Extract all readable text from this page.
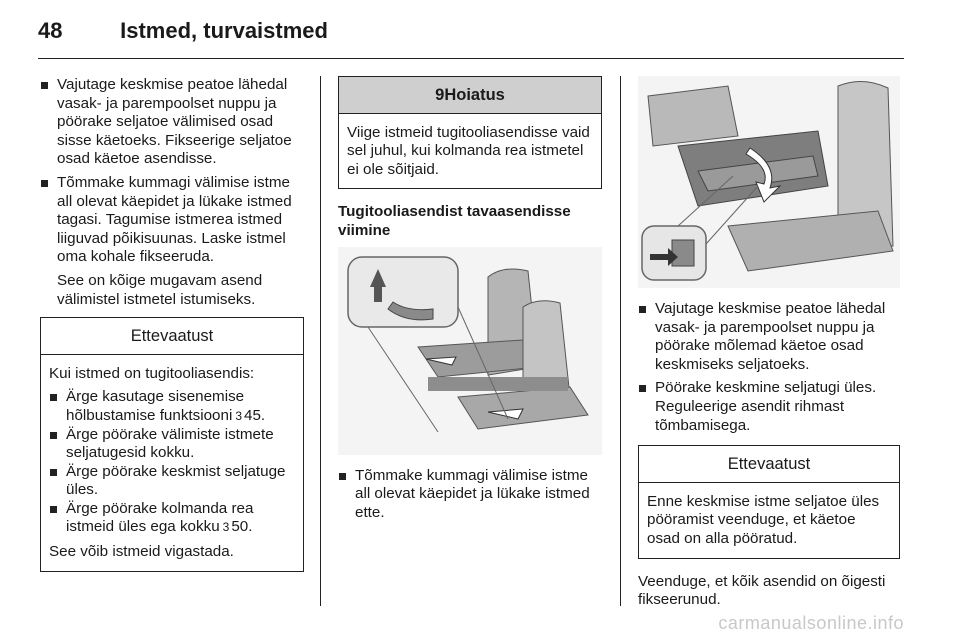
48	Istmed, turvaistmed

Vajutage keskmise peatoe lähedal vasak- ja parempoolset nuppu ja pöörake seljatoe välimised osad sisse käetoeks. Fikseerige seljatoe osad käetoe asendisse.

Tõmmake kummagi välimise istme all olevat käepidet ja lükake istmed tagasi. Tagumise istmerea istmed liiguvad põikisuunas. Laske istmel oma kohale fikseeruda.

See on kõige mugavam asend välimistel istmetel istumiseks.

Ettevaatust

Kui istmed on tugitooliasendis:

Ärge kasutage sisenemise hõlbustamise funktsiooni 3 45.

Ärge pöörake välimiste istmete seljatugesid kokku.

Ärge pöörake keskmist seljatuge üles.

Ärge pöörake kolmanda rea istmeid üles ega kokku 3 50.

See võib istmeid vigastada.

9Hoiatus

Viige istmeid tugitooliasendisse vaid sel juhul, kui kolmanda rea istmetel ei ole sõitjaid.

Tugitooliasendist tavaasendisse viimine

Tõmmake kummagi välimise istme all olevat käepidet ja lükake istmed ette.

Vajutage keskmise peatoe lähedal vasak- ja parempoolset nuppu ja pöörake mõlemad käetoe osad keskmiseks seljatoeks.

Pöörake keskmine seljatugi üles. Reguleerige asendit rihmast tõmbamisega.

Ettevaatust

Enne keskmise istme seljatoe üles pööramist veenduge, et käetoe osad on alla pööratud.

Veenduge, et kõik asendid on õigesti fikseerunud.

carmanualsonline.info
